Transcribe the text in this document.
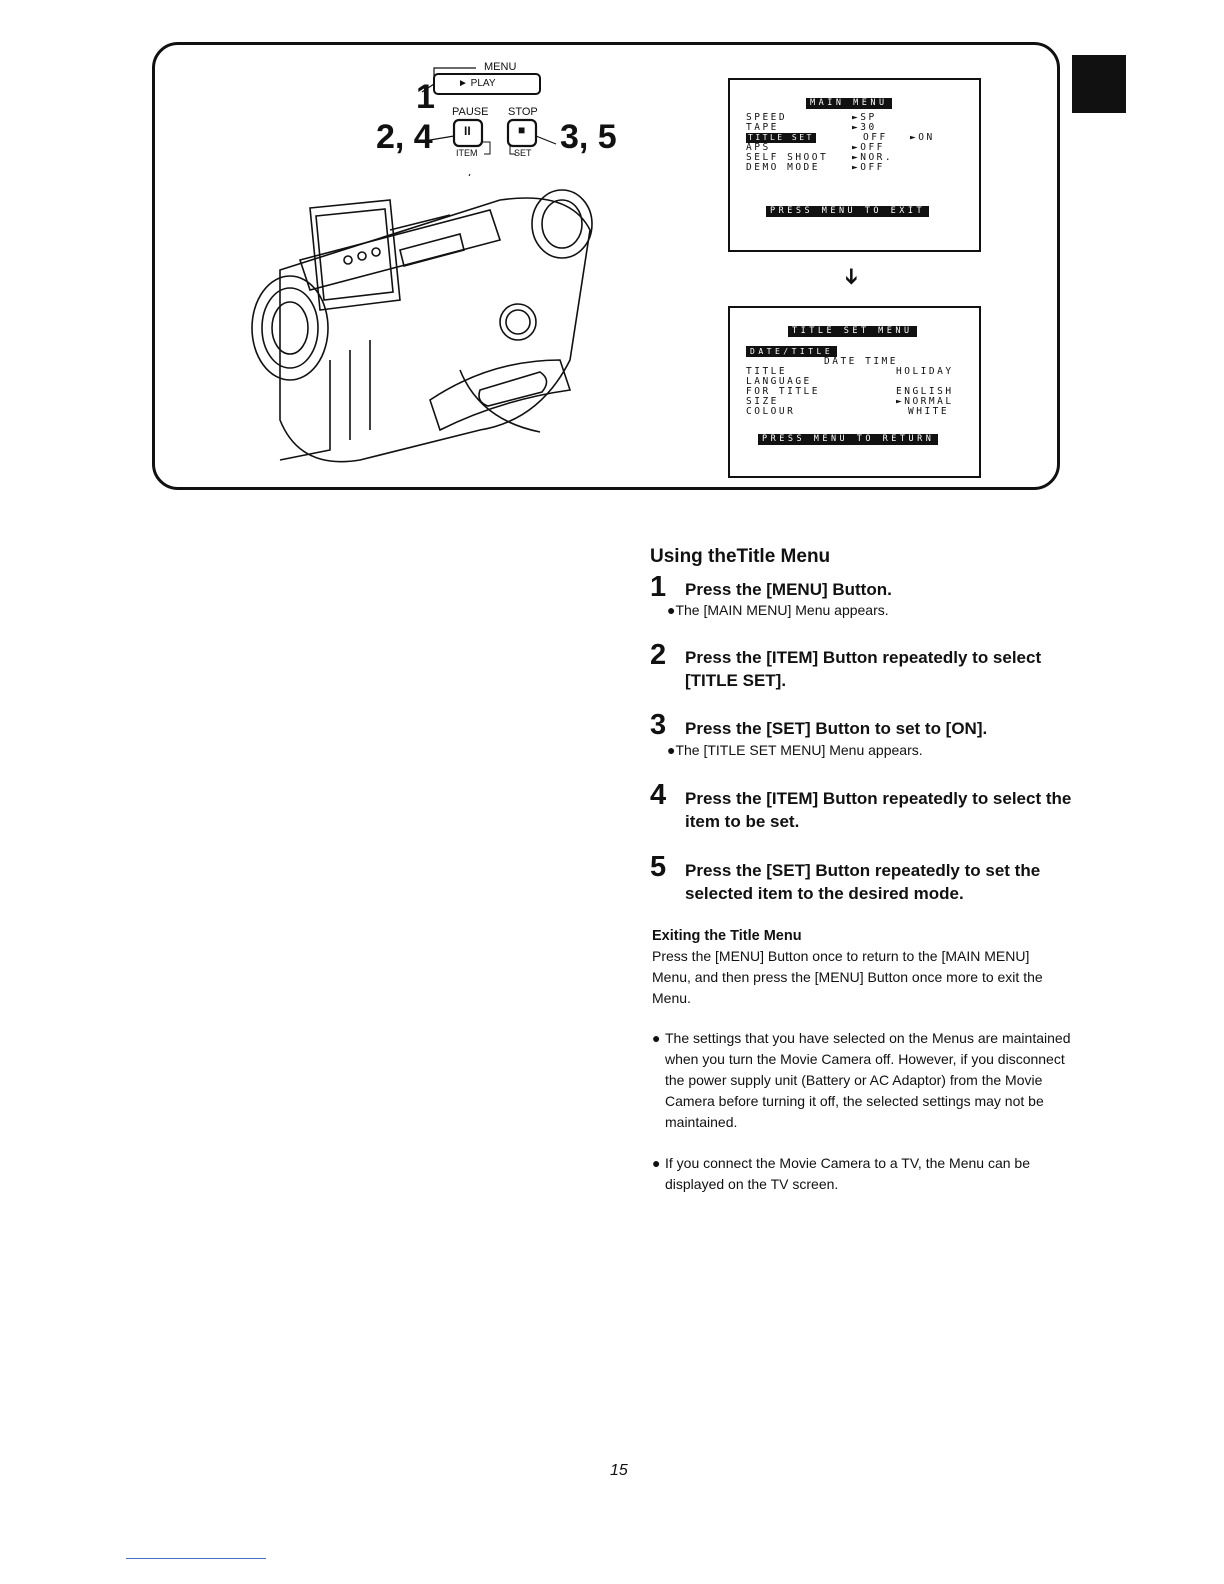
MENU
► PLAY
PAUSE STOP
II	■
ITEM	SET
1
2, 4	3, 5
MAIN MENU
SPEED	►SP
TAPE	►30
TITLE SET	OFF ►ON
APS	►OFF
SELF SHOOT	►NOR.
DEMO MODE	►OFF
PRESS MENU TO EXIT
➔
TITLE SET MENU
DATE/TITLE
DATE TIME
TITLE	HOLIDAY
LANGUAGE
FOR TITLE	ENGLISH
SIZE	►NORMAL
COLOUR	WHITE
PRESS MENU TO RETURN
Using theTitle Menu
1 Press the [MENU] Button.
●The [MAIN MENU] Menu appears.
2 Press the [ITEM] Button repeatedly to select [TITLE SET].
3 Press the [SET] Button to set to [ON].
●The [TITLE SET MENU] Menu appears.
4 Press the [ITEM] Button repeatedly to select the item to be set.
5 Press the [SET] Button repeatedly to set the selected item to the desired mode.
Exiting the Title Menu
Press the [MENU] Button once to return to the [MAIN MENU] Menu, and then press the [MENU] Button once more to exit the Menu.
● The settings that you have selected on the Menus are maintained when you turn the Movie Camera off. However, if you disconnect the power supply unit (Battery or AC Adaptor) from the Movie Camera before turning it off, the selected settings may not be maintained.
● If you connect the Movie Camera to a TV, the Menu can be displayed on the TV screen.
15
